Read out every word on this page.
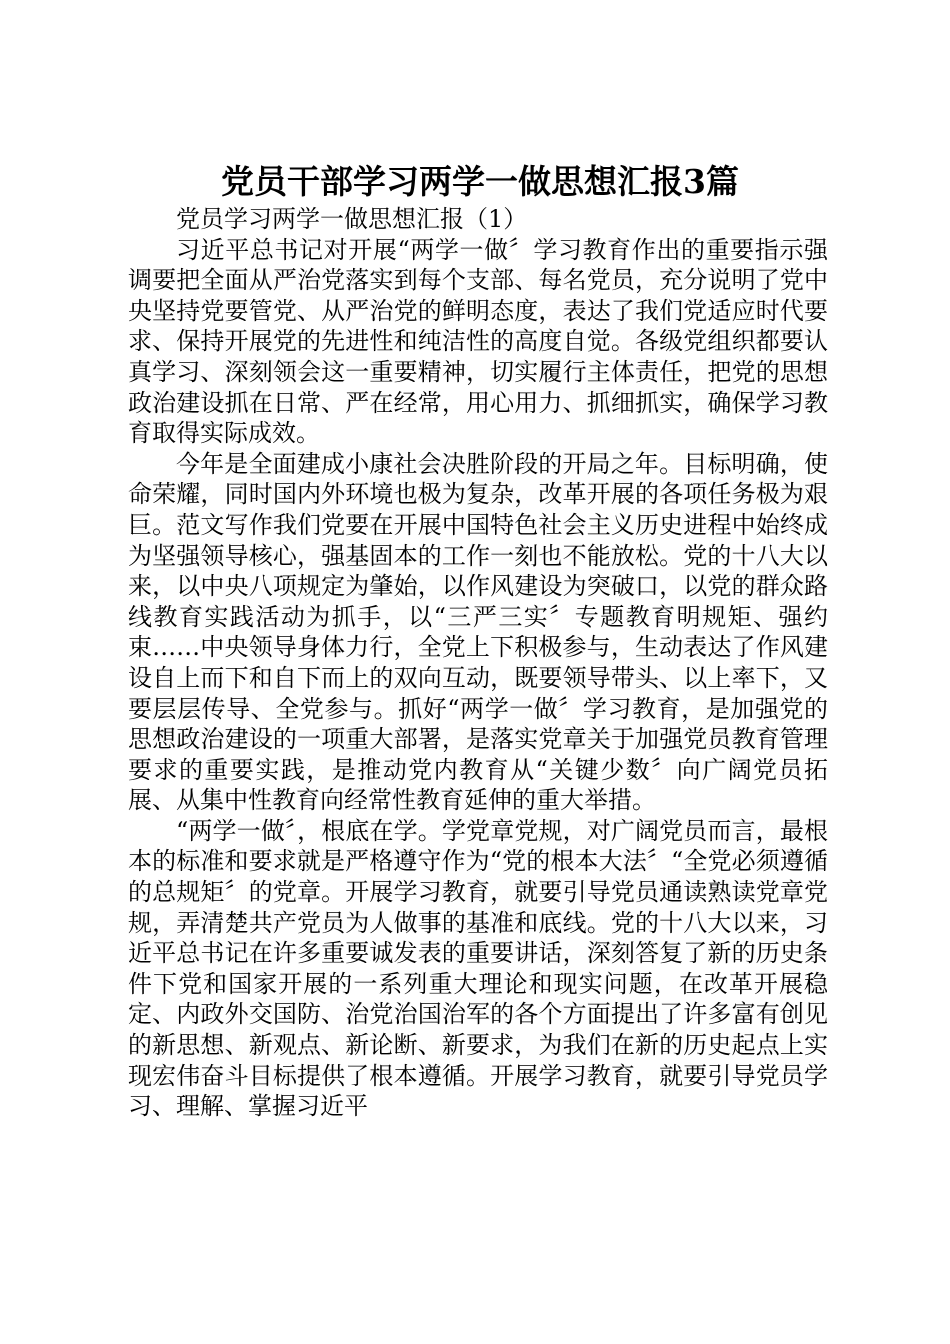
党员干部学习两学一做思想汇报3篇

党员学习两学一做思想汇报（1）

习近平总书记对开展“两学一做〞学习教育作出的重要指示强调要把全面从严治党落实到每个支部、每名党员，充分说明了党中央坚持党要管党、从严治党的鲜明态度，表达了我们党适应时代要求、保持开展党的先进性和纯洁性的高度自觉。各级党组织都要认真学习、深刻领会这一重要精神，切实履行主体责任，把党的思想政治建设抓在日常、严在经常，用心用力、抓细抓实，确保学习教育取得实际成效。

今年是全面建成小康社会决胜阶段的开局之年。目标明确，使命荣耀，同时国内外环境也极为复杂，改革开展的各项任务极为艰巨。范文写作我们党要在开展中国特色社会主义历史进程中始终成为坚强领导核心，强基固本的工作一刻也不能放松。党的十八大以来，以中央八项规定为肇始，以作风建设为突破口，以党的群众路线教育实践活动为抓手，以“三严三实〞专题教育明规矩、强约束……中央领导身体力行，全党上下积极参与，生动表达了作风建设自上而下和自下而上的双向互动，既要领导带头、以上率下，又要层层传导、全党参与。抓好“两学一做〞学习教育，是加强党的思想政治建设的一项重大部署，是落实党章关于加强党员教育管理要求的重要实践，是推动党内教育从“关键少数〞向广阔党员拓展、从集中性教育向经常性教育延伸的重大举措。

“两学一做〞，根底在学。学党章党规，对广阔党员而言，最根本的标准和要求就是严格遵守作为“党的根本大法〞“全党必须遵循的总规矩〞的党章。开展学习教育，就要引导党员通读熟读党章党规，弄清楚共产党员为人做事的基准和底线。党的十八大以来，习近平总书记在许多重要诚发表的重要讲话，深刻答复了新的历史条件下党和国家开展的一系列重大理论和现实问题，在改革开展稳定、内政外交国防、治党治国治军的各个方面提出了许多富有创见的新思想、新观点、新论断、新要求，为我们在新的历史起点上实现宏伟奋斗目标提供了根本遵循。开展学习教育，就要引导党员学习、理解、掌握习近平
